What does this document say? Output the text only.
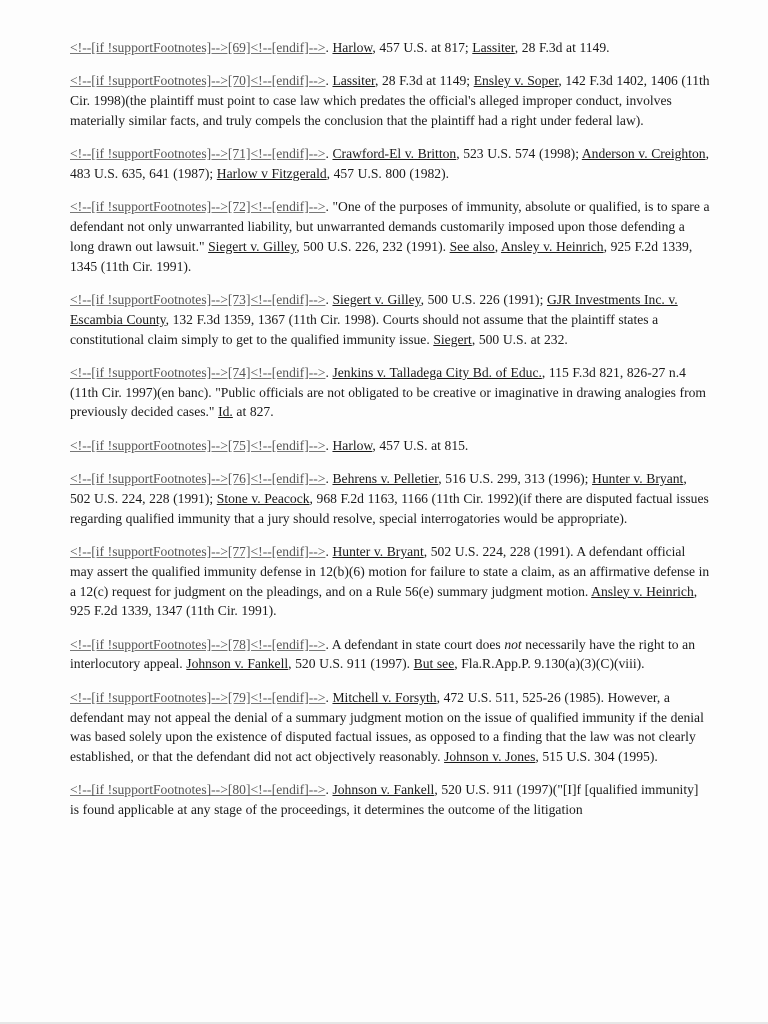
<!--[if !supportFootnotes]-->[69]<!--[endif]-->. Harlow, 457 U.S. at 817; Lassiter, 28 F.3d at 1149.

<!--[if !supportFootnotes]-->[70]<!--[endif]-->. Lassiter, 28 F.3d at 1149; Ensley v. Soper, 142 F.3d 1402, 1406 (11th Cir. 1998)(the plaintiff must point to case law which predates the official's alleged improper conduct, involves materially similar facts, and truly compels the conclusion that the plaintiff had a right under federal law).

<!--[if !supportFootnotes]-->[71]<!--[endif]-->. Crawford-El v. Britton, 523 U.S. 574 (1998); Anderson v. Creighton, 483 U.S. 635, 641 (1987); Harlow v Fitzgerald, 457 U.S. 800 (1982).

<!--[if !supportFootnotes]-->[72]<!--[endif]-->. "One of the purposes of immunity, absolute or qualified, is to spare a defendant not only unwarranted liability, but unwarranted demands customarily imposed upon those defending a long drawn out lawsuit." Siegert v. Gilley, 500 U.S. 226, 232 (1991). See also, Ansley v. Heinrich, 925 F.2d 1339, 1345 (11th Cir. 1991).

<!--[if !supportFootnotes]-->[73]<!--[endif]-->. Siegert v. Gilley, 500 U.S. 226 (1991); GJR Investments Inc. v. Escambia County, 132 F.3d 1359, 1367 (11th Cir. 1998). Courts should not assume that the plaintiff states a constitutional claim simply to get to the qualified immunity issue. Siegert, 500 U.S. at 232.

<!--[if !supportFootnotes]-->[74]<!--[endif]-->. Jenkins v. Talladega City Bd. of Educ., 115 F.3d 821, 826-27 n.4 (11th Cir. 1997)(en banc). "Public officials are not obligated to be creative or imaginative in drawing analogies from previously decided cases." Id. at 827.

<!--[if !supportFootnotes]-->[75]<!--[endif]-->. Harlow, 457 U.S. at 815.

<!--[if !supportFootnotes]-->[76]<!--[endif]-->. Behrens v. Pelletier, 516 U.S. 299, 313 (1996); Hunter v. Bryant, 502 U.S. 224, 228 (1991); Stone v. Peacock, 968 F.2d 1163, 1166 (11th Cir. 1992)(if there are disputed factual issues regarding qualified immunity that a jury should resolve, special interrogatories would be appropriate).

<!--[if !supportFootnotes]-->[77]<!--[endif]-->. Hunter v. Bryant, 502 U.S. 224, 228 (1991). A defendant official may assert the qualified immunity defense in 12(b)(6) motion for failure to state a claim, as an affirmative defense in a 12(c) request for judgment on the pleadings, and on a Rule 56(e) summary judgment motion. Ansley v. Heinrich, 925 F.2d 1339, 1347 (11th Cir. 1991).

<!--[if !supportFootnotes]-->[78]<!--[endif]-->. A defendant in state court does not necessarily have the right to an interlocutory appeal. Johnson v. Fankell, 520 U.S. 911 (1997). But see, Fla.R.App.P. 9.130(a)(3)(C)(viii).

<!--[if !supportFootnotes]-->[79]<!--[endif]-->. Mitchell v. Forsyth, 472 U.S. 511, 525-26 (1985). However, a defendant may not appeal the denial of a summary judgment motion on the issue of qualified immunity if the denial was based solely upon the existence of disputed factual issues, as opposed to a finding that the law was not clearly established, or that the defendant did not act objectively reasonably. Johnson v. Jones, 515 U.S. 304 (1995).

<!--[if !supportFootnotes]-->[80]<!--[endif]-->. Johnson v. Fankell, 520 U.S. 911 (1997)("[I]f [qualified immunity] is found applicable at any stage of the proceedings, it determines the outcome of the litigation
